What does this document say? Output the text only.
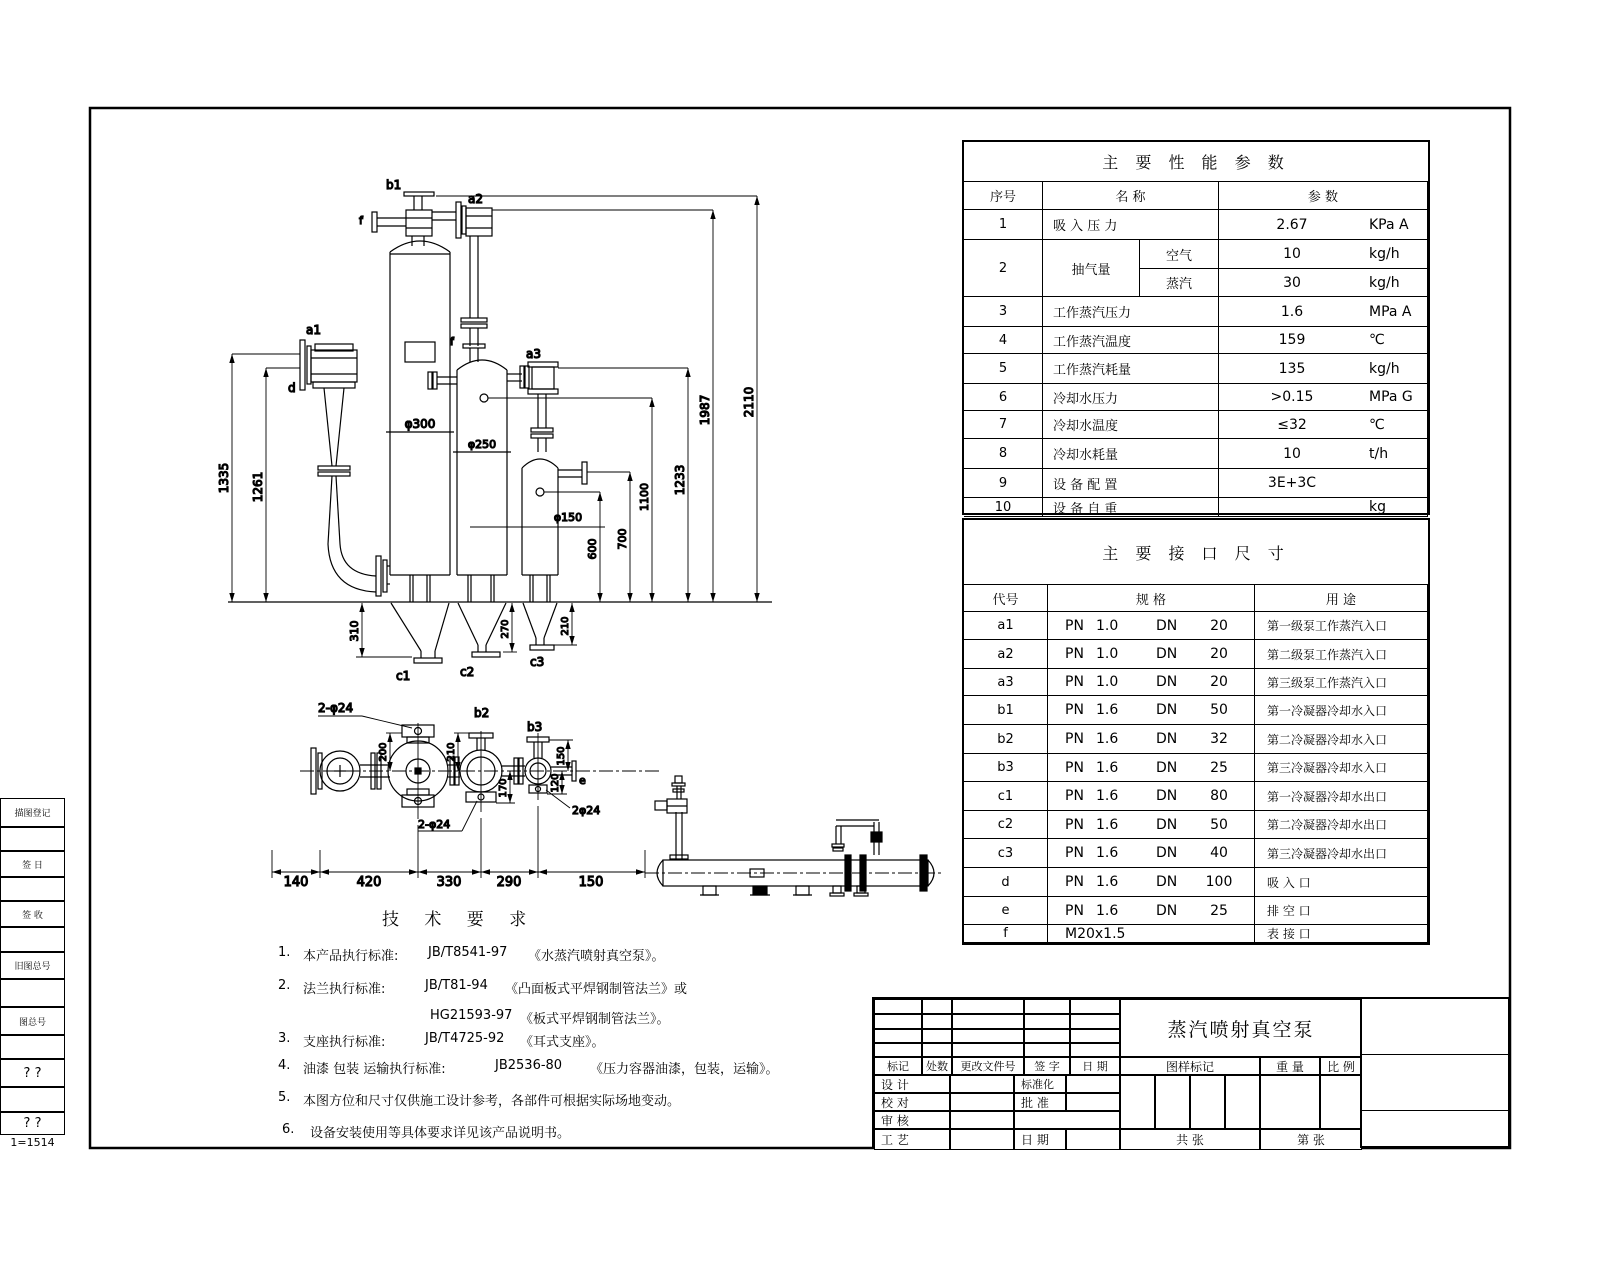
a1
d
b1
f
a2
f
a3
c1	c2
c3
φ300
φ250
φ150
1335 1261
600 700
1100
1233
1987	2110
310	270	210
2-φ24
2-φ24
2φ24
b2
b3
e
200	210
170
150
120
140	420	330	290	150
描图登记
签 日
签 收
旧图总号
图总号
? ?
? ?
1=1514
主 要 性 能 参 数
序号	名 称	参 数
1	吸 入 压 力	2.67	KPa A
2	抽气量
空气	10	kg/h
蒸汽	30	kg/h
3	工作蒸汽压力	1.6	MPa A
4	工作蒸汽温度	159	℃
5	工作蒸汽耗量	135	kg/h
6	冷却水压力	>0.15	MPa G
7	冷却水温度	≤32	℃
8	冷却水耗量	10	t/h
9	设 备 配 置	3E+3C
10	设 备 自 重	kg
主 要 接 口 尺 寸
代号	规 格	用 途
a1	PN 1.0	DN	20	第一级泵工作蒸汽入口
a2	PN 1.0	DN	20	第二级泵工作蒸汽入口
a3	PN 1.0	DN	20	第三级泵工作蒸汽入口
b1	PN 1.6	DN	50	第一冷凝器冷却水入口
b2	PN 1.6	DN	32	第二冷凝器冷却水入口
b3	PN 1.6	DN	25	第三冷凝器冷却水入口
c1	PN 1.6	DN	80	第一冷凝器冷却水出口
c2	PN 1.6	DN	50	第二冷凝器冷却水出口
c3	PN 1.6	DN	40	第三冷凝器冷却水出口
d	PN 1.6	DN	100	吸 入 口
e	PN 1.6	DN	25	排 空 口
f	M20x1.5	表 接 口
技 术 要 求
1. 本产品执行标准: JB/T8541-97 《水蒸汽喷射真空泵》。
2. 法兰执行标准:	JB/T81-94 《凸面板式平焊钢制管法兰》或
HG21593-97 《板式平焊钢制管法兰》。
3. 支座执行标准:	JB/T4725-92 《耳式支座》。
4. 油漆 包装 运输执行标准:	JB2536-80 《压力容器油漆，包装，运输》。
5. 本图方位和尺寸仅供施工设计参考，各部件可根据实际场地变动。
6. 设备安装使用等具体要求详见该产品说明书。
标记	处数	更改文件号	签 字	日 期
设 计	标准化
校 对	批 准
审 核
工 艺	日 期
蒸汽喷射真空泵
图样标记	重 量	比 例
共 张	第 张
